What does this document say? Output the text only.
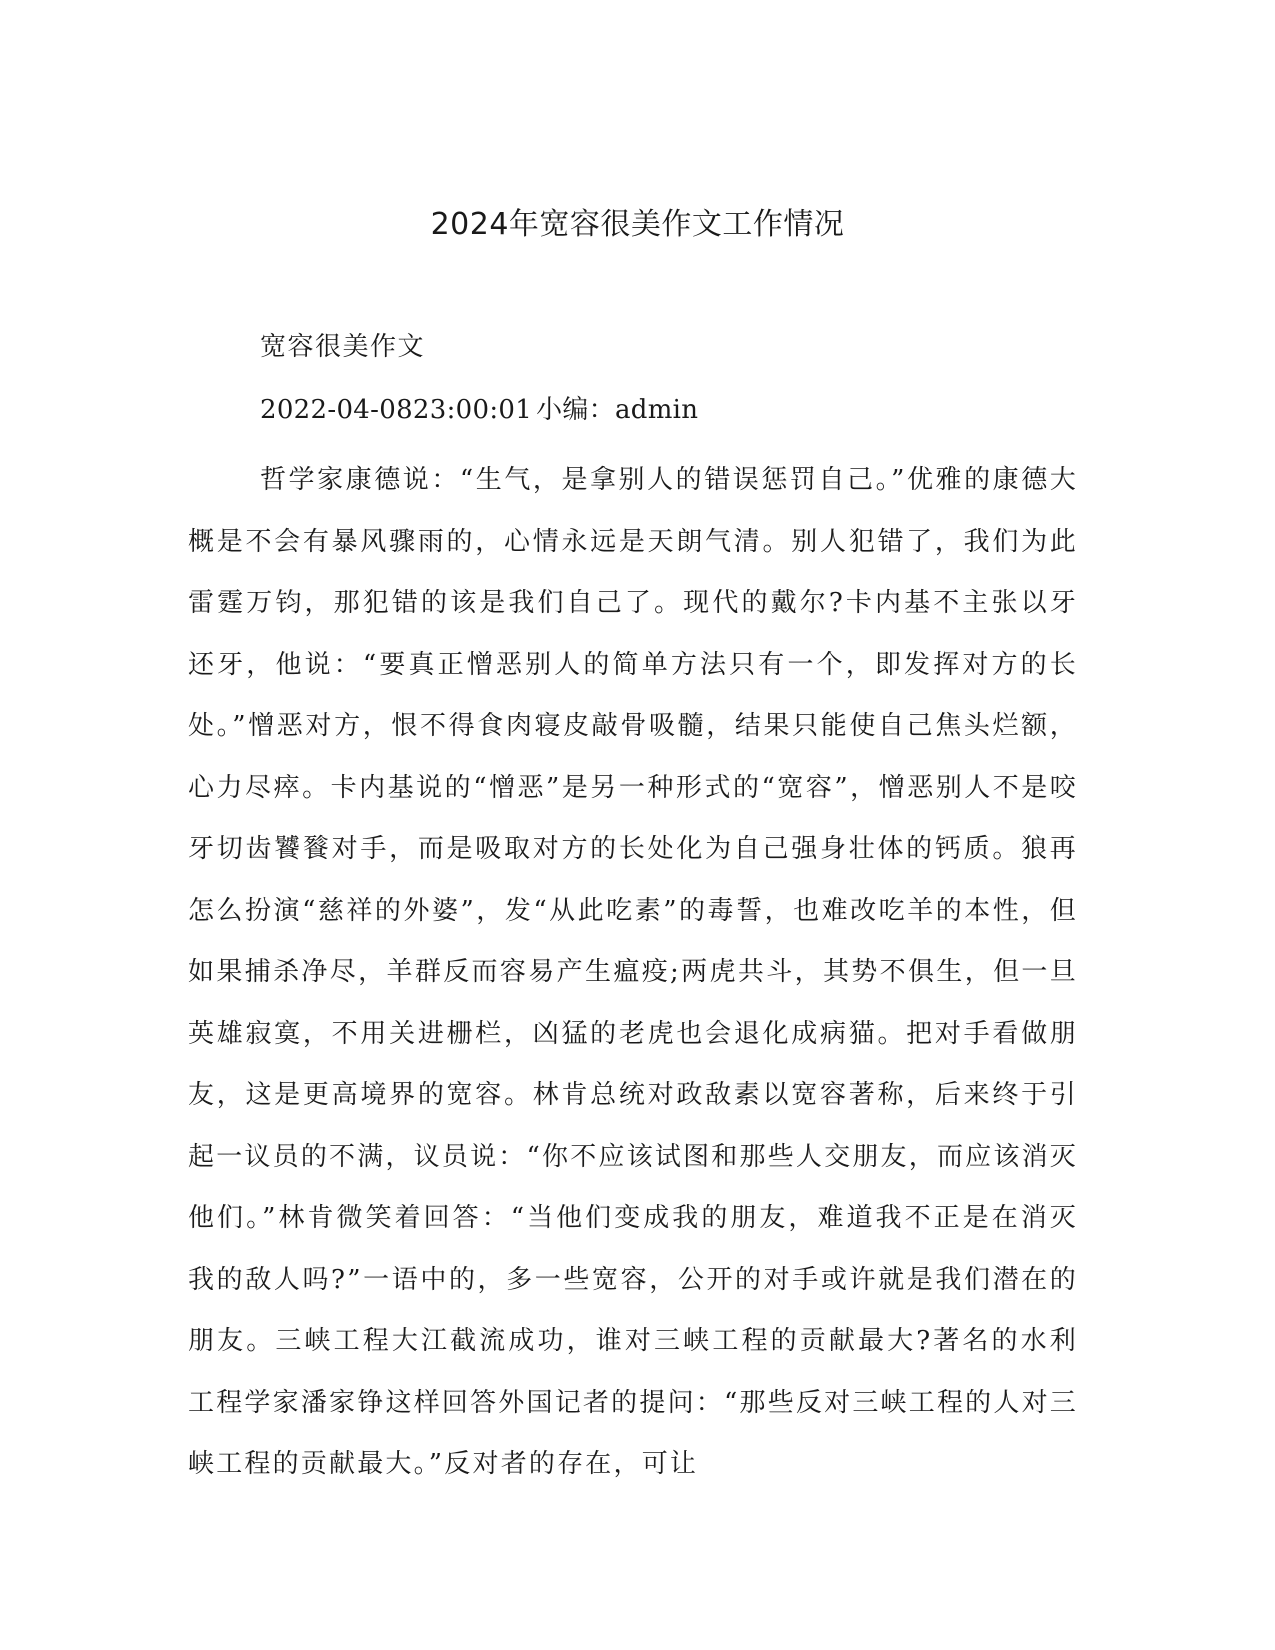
2024年宽容很美作文工作情况

宽容很美作文

2022-04-0823:00:01 小编：admin

哲学家康德说：“生气，是拿别人的错误惩罚自己。”优雅的康德大概是不会有暴风骤雨的，心情永远是天朗气清。别人犯错了，我们为此雷霆万钧，那犯错的该是我们自己了。现代的戴尔?卡内基不主张以牙还牙，他说：“要真正憎恶别人的简单方法只有一个，即发挥对方的长处。”憎恶对方，恨不得食肉寝皮敲骨吸髓，结果只能使自己焦头烂额，心力尽瘁。卡内基说的“憎恶”是另一种形式的“宽容”，憎恶别人不是咬牙切齿饕餮对手，而是吸取对方的长处化为自己强身壮体的钙质。狼再怎么扮演“慈祥的外婆”，发“从此吃素”的毒誓，也难改吃羊的本性，但如果捕杀净尽，羊群反而容易产生瘟疫;两虎共斗，其势不俱生，但一旦英雄寂寞，不用关进栅栏，凶猛的老虎也会退化成病猫。把对手看做朋友，这是更高境界的宽容。林肯总统对政敌素以宽容著称，后来终于引起一议员的不满，议员说：“你不应该试图和那些人交朋友，而应该消灭他们。”林肯微笑着回答：“当他们变成我的朋友，难道我不正是在消灭我的敌人吗?”一语中的，多一些宽容，公开的对手或许就是我们潜在的朋友。三峡工程大江截流成功，谁对三峡工程的贡献最大?著名的水利工程学家潘家铮这样回答外国记者的提问：“那些反对三峡工程的人对三峡工程的贡献最大。”反对者的存在，可让
